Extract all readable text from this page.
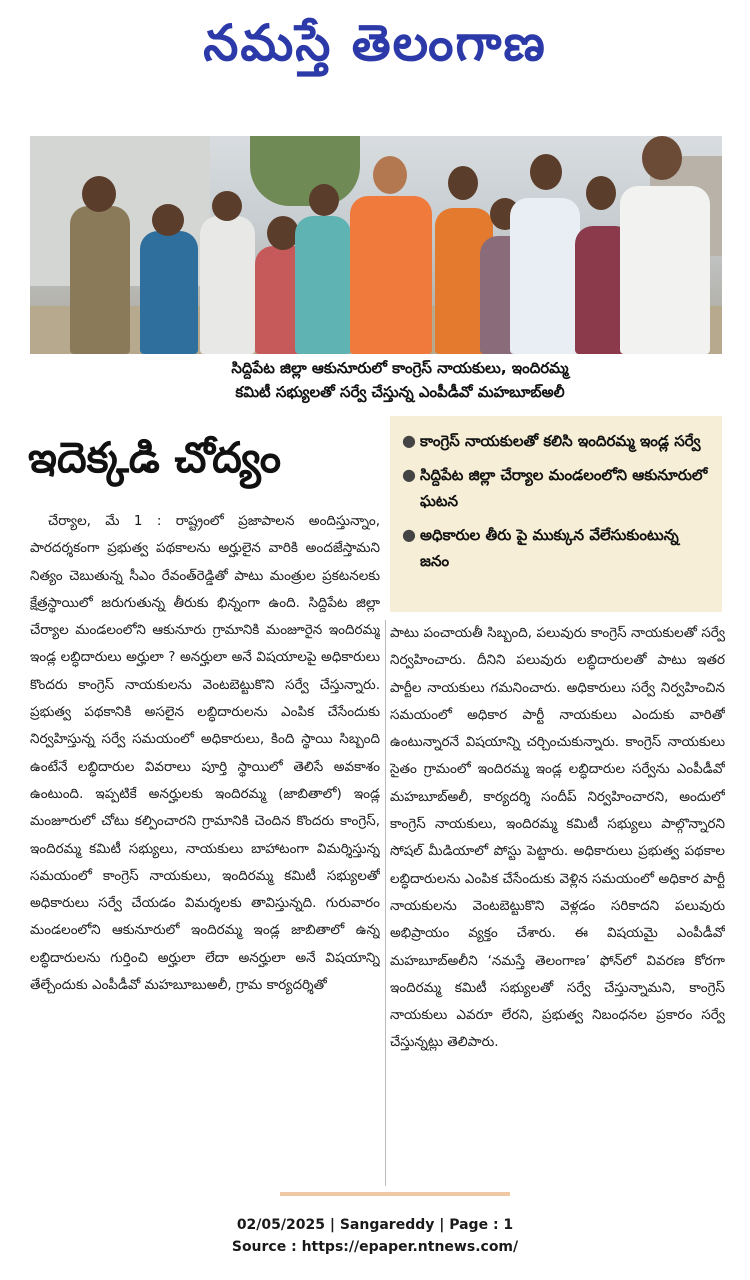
నమస్తే తెలంగాణ
సిద్దిపేట జిల్లా ఆకునూరులో కాంగ్రెస్ నాయకులు, ఇందిరమ్మ
కమిటీ సభ్యులతో సర్వే చేస్తున్న ఎంపీడీవో మహబూబ్‌అలీ
ఇదెక్కడి చోద్యం	● కాంగ్రెస్ నాయకులతో కలిసి ఇందిరమ్మ ఇండ్ల సర్వే
● సిద్దిపేట జిల్లా చేర్యాల మండలంలోని ఆకునూరులో ఘటన
● అధికారుల తీరు పై ముక్కున వేలేసుకుంటున్న జనం
చేర్యాల, మే 1 : రాష్ట్రంలో ప్రజాపాలన అందిస్తున్నాం, పారదర్శకంగా ప్రభుత్వ పథకాలను అర్హులైన వారికి అందజేస్తామని నిత్యం చెబుతున్న సీఎం రేవంత్‌రెడ్డితో పాటు మంత్రుల ప్రకటనలకు క్షేత్రస్థాయిలో జరుగుతున్న తీరుకు భిన్నంగా ఉంది. సిద్దిపేట జిల్లా చేర్యాల మండలంలోని ఆకునూరు గ్రామానికి మంజూరైన ఇందిరమ్మ ఇండ్ల లబ్ధిదారులు అర్హులా ? అనర్హులా అనే విషయాలపై అధికారులు కొందరు కాంగ్రెస్ నాయకులను వెంటబెట్టుకొని సర్వే చేస్తున్నారు. ప్రభుత్వ పథకానికి అసలైన లబ్ధిదారులను ఎంపిక చేసేందుకు నిర్వహిస్తున్న సర్వే సమయంలో అధికారులు, కింది స్థాయి సిబ్బంది ఉంటేనే లబ్ధిదారుల వివరాలు పూర్తి స్థాయిలో తెలిసే అవకాశం ఉంటుంది. ఇప్పటికే అనర్హులకు ఇందిరమ్మ (జాబితాలో) ఇండ్ల మంజూరులో చోటు కల్పించారని గ్రామానికి చెందిన కొందరు కాంగ్రెస్, ఇందిరమ్మ కమిటీ సభ్యులు, నాయకులు బాహాటంగా విమర్శిస్తున్న సమయంలో కాంగ్రెస్ నాయకులు, ఇందిరమ్మ కమిటీ సభ్యులతో అధికారులు సర్వే చేయడం విమర్శలకు తావిస్తున్నది. గురువారం మండలంలోని ఆకునూరులో ఇందిరమ్మ ఇండ్ల జాబితాలో ఉన్న లబ్ధిదారులను గుర్తించి అర్హులా లేదా అనర్హులా అనే విషయాన్ని తేల్చేందుకు ఎంపీడీవో మహబూబుఅలీ, గ్రామ కార్యదర్శితో
పాటు పంచాయతీ సిబ్బంది, పలువురు కాంగ్రెస్ నాయకులతో సర్వే నిర్వహించారు. దీనిని పలువురు లబ్ధిదారులతో పాటు ఇతర పార్టీల నాయకులు గమనించారు. అధికారులు సర్వే నిర్వహించిన సమయంలో అధికార పార్టీ నాయకులు ఎందుకు వారితో ఉంటున్నారనే విషయాన్ని చర్చించుకున్నారు. కాంగ్రెస్ నాయకులు సైతం గ్రామంలో ఇందిరమ్మ ఇండ్ల లబ్ధిదారుల సర్వేను ఎంపీడీవో మహబూబ్‌అలీ, కార్యదర్శి సందీప్ నిర్వహించారని, అందులో కాంగ్రెస్ నాయకులు, ఇందిరమ్మ కమిటీ సభ్యులు పాల్గొన్నారని సోషల్ మీడియాలో పోస్టు పెట్టారు. అధికారులు ప్రభుత్వ పథకాల లబ్ధిదారులను ఎంపిక చేసేందుకు వెళ్లిన సమయంలో అధికార పార్టీ నాయకులను వెంటబెట్టుకొని వెళ్లడం సరికాదని పలువురు అభిప్రాయం వ్యక్తం చేశారు. ఈ విషయమై ఎంపీడీవో మహబూబ్‌అలీని ‘నమస్తే తెలంగాణ’ ఫోన్‌లో వివరణ కోరగా ఇందిరమ్మ కమిటీ సభ్యులతో సర్వే చేస్తున్నామని, కాంగ్రెస్ నాయకులు ఎవరూ లేరని, ప్రభుత్వ నిబంధనల ప్రకారం సర్వే చేస్తున్నట్లు తెలిపారు.
02/05/2025 | Sangareddy | Page : 1
Source : https://epaper.ntnews.com/
